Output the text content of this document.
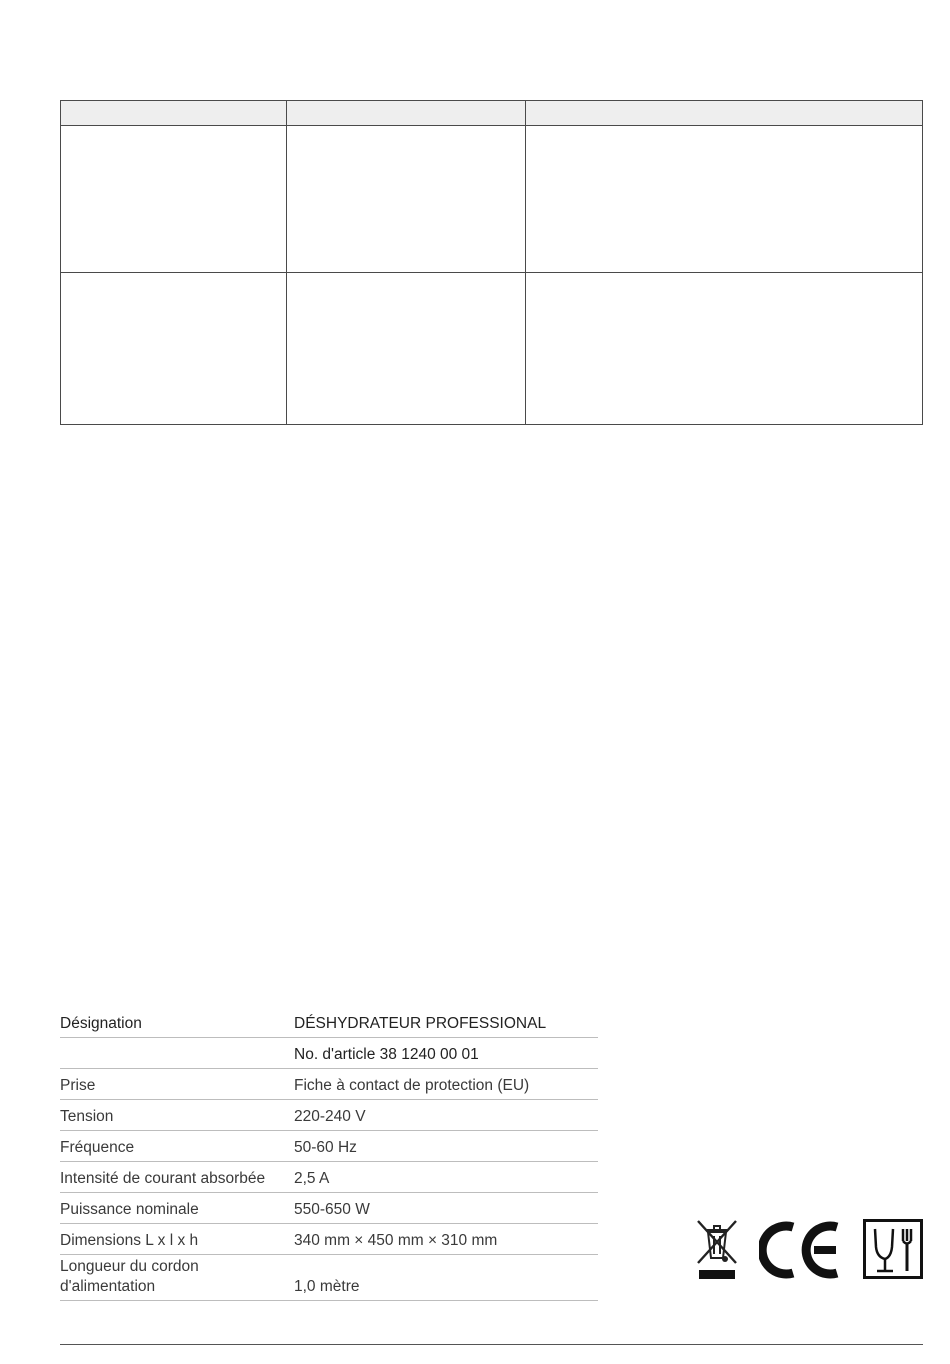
Désignation	DÉSHYDRATEUR PROFESSIONAL
	No. d'article 38 1240 00 01
Prise	Fiche à contact de protection (EU)
Tension	220-240 V
Fréquence	50-60 Hz
Intensité de courant absorbée	2,5 A
Puissance nominale	550-650 W
Dimensions L x l x h	340 mm × 450 mm × 310 mm

Longueur du cordon
d'alimentation	1,0 mètre
